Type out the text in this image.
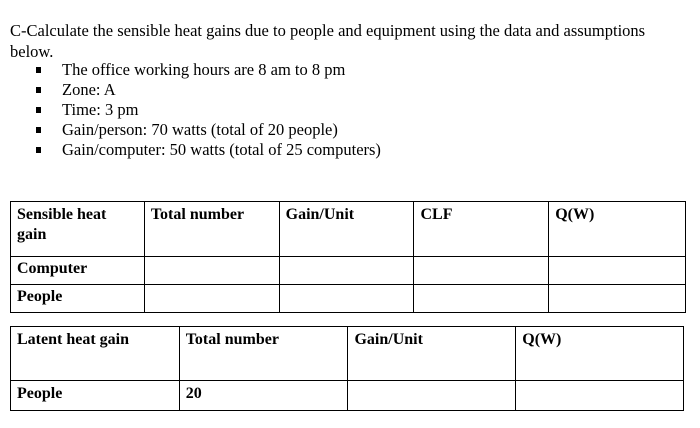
C-Calculate the sensible heat gains due to people and equipment using the data and assumptions below.

The office working hours are 8 am to 8 pm
Zone: A
Time: 3 pm
Gain/person: 70 watts (total of 20 people)
Gain/computer: 50 watts (total of 25 computers)
Sensible heat gain	Total number	Gain/Unit	CLF	Q(W)
Computer				
People				
Latent heat gain	Total number	Gain/Unit	Q(W)
People	20		
